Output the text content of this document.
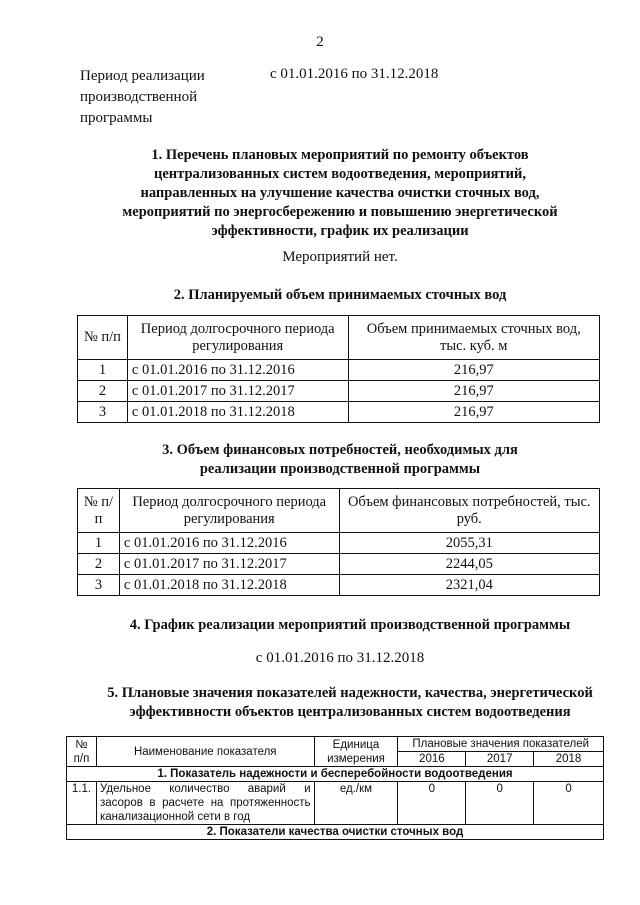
2
Период реализации
производственной
программы
с 01.01.2016 по 31.12.2018
1. Перечень плановых мероприятий по ремонту объектов
централизованных систем водоотведения, мероприятий,
направленных на улучшение качества очистки сточных вод,
мероприятий по энергосбережению и повышению энергетической
эффективности, график их реализации
Мероприятий нет.
2. Планируемый объем принимаемых сточных вод
№ п/п	Период долгосрочного периода регулирования	Объем принимаемых сточных вод, тыс. куб. м
1	с 01.01.2016 по 31.12.2016	216,97
2	с 01.01.2017 по 31.12.2017	216,97
3	с 01.01.2018 по 31.12.2018	216,97
3. Объем финансовых потребностей, необходимых для
реализации производственной программы
№ п/п	Период долгосрочного периода регулирования	Объем финансовых потребностей, тыс. руб.
1	с 01.01.2016 по 31.12.2016	2055,31
2	с 01.01.2017 по 31.12.2017	2244,05
3	с 01.01.2018 по 31.12.2018	2321,04
4. График реализации мероприятий производственной программы
с 01.01.2016 по 31.12.2018
5. Плановые значения показателей надежности, качества, энергетической
эффективности объектов централизованных систем водоотведения
№ п/п	Наименование показателя	Единица измерения	Плановые значения показателей		
			2016	2017	2018
1. Показатель надежности и бесперебойности водоотведения					
1.1.	Удельное количество аварий и засоров в расчете на протяженность канализационной сети в год	ед./км	0	0	0
2. Показатели качества очистки сточных вод					
